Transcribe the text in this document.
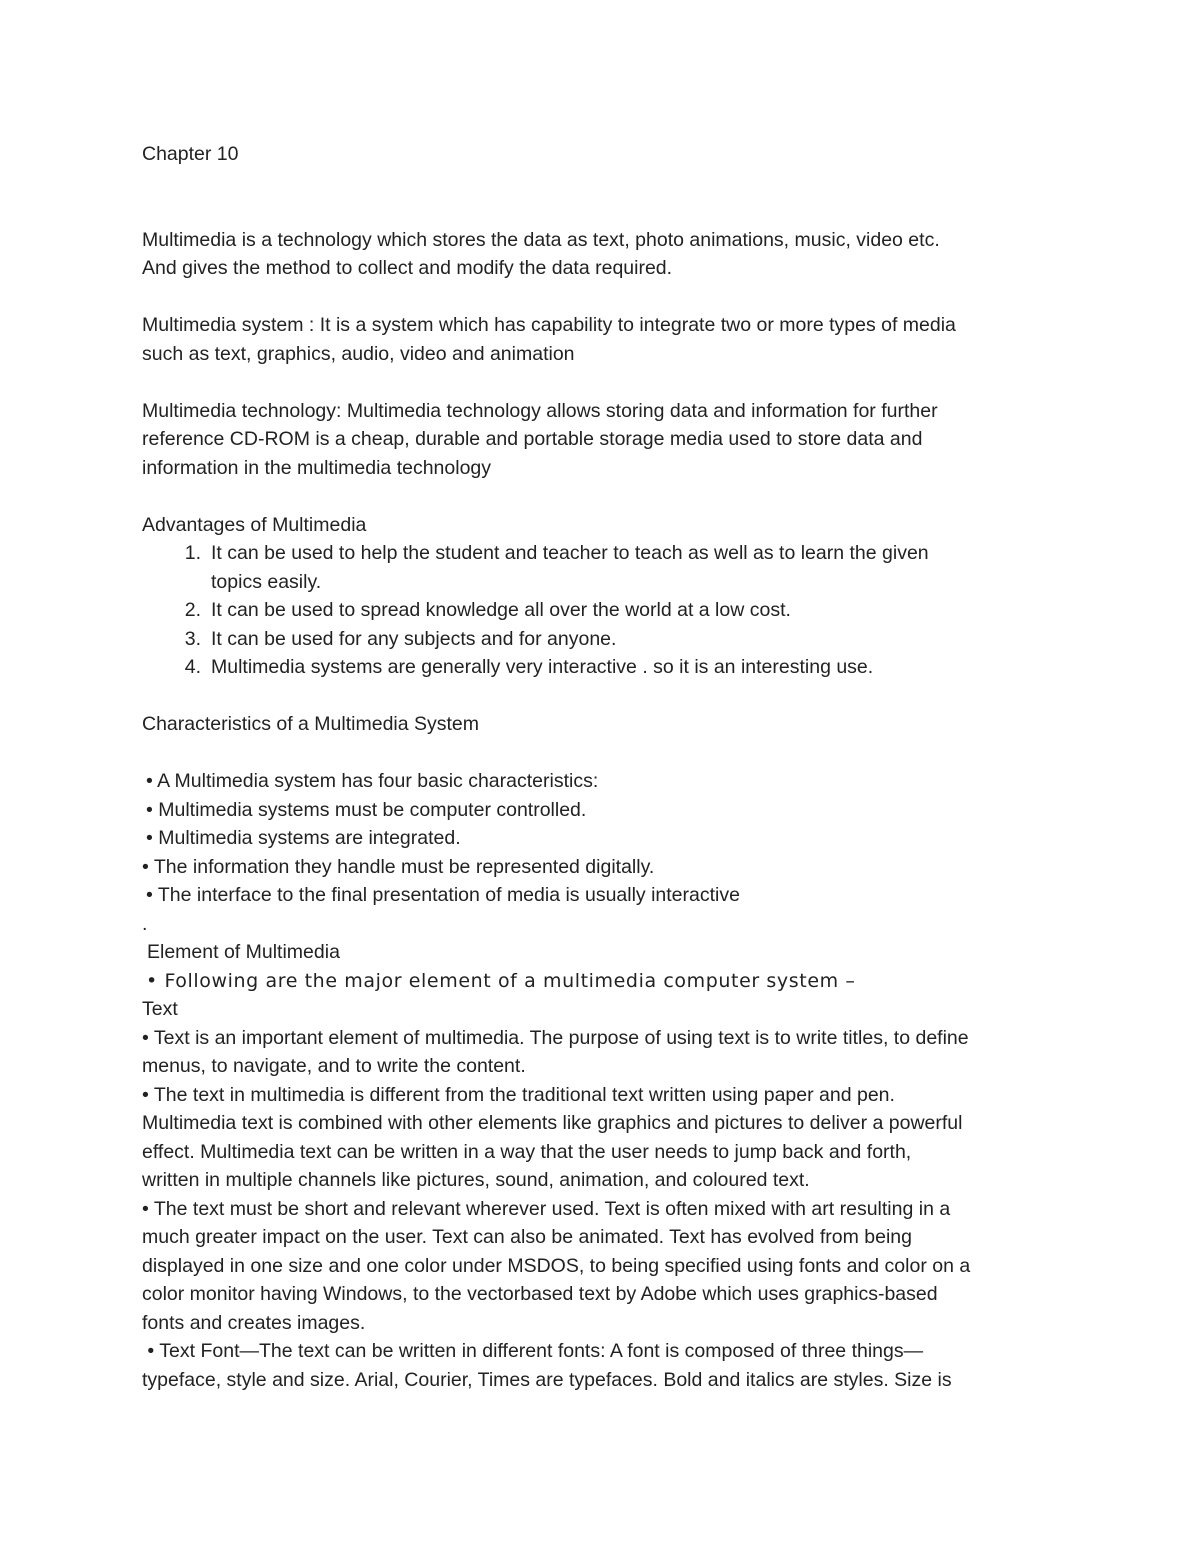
Chapter 10
Multimedia is a technology which stores the data as text, photo animations, music, video etc.
And gives the method to collect and modify the data required.
Multimedia system : It is a system which has capability to integrate two or more types of media
such as text, graphics, audio, video and animation
Multimedia technology: Multimedia technology allows storing data and information for further
reference CD-ROM is a cheap, durable and portable storage media used to store data and
information in the multimedia technology
Advantages of Multimedia
1. It can be used to help the student and teacher to teach as well as to learn the given
topics easily.
2. It can be used to spread knowledge all over the world at a low cost.
3. It can be used for any subjects and for anyone.
4. Multimedia systems are generally very interactive . so it is an interesting use.
Characteristics of a Multimedia System
• A Multimedia system has four basic characteristics:
• Multimedia systems must be computer controlled.
• Multimedia systems are integrated.
• The information they handle must be represented digitally.
• The interface to the final presentation of media is usually interactive
.
Element of Multimedia
• Following are the major element of a multimedia computer system –
Text
• Text is an important element of multimedia. The purpose of using text is to write titles, to define
menus, to navigate, and to write the content.
• The text in multimedia is different from the traditional text written using paper and pen.
Multimedia text is combined with other elements like graphics and pictures to deliver a powerful
effect. Multimedia text can be written in a way that the user needs to jump back and forth,
written in multiple channels like pictures, sound, animation, and coloured text.
• The text must be short and relevant wherever used. Text is often mixed with art resulting in a
much greater impact on the user. Text can also be animated. Text has evolved from being
displayed in one size and one color under MSDOS, to being specified using fonts and color on a
color monitor having Windows, to the vectorbased text by Adobe which uses graphics-based
fonts and creates images.
• Text Font—The text can be written in different fonts: A font is composed of three things—
typeface, style and size. Arial, Courier, Times are typefaces. Bold and italics are styles. Size is
